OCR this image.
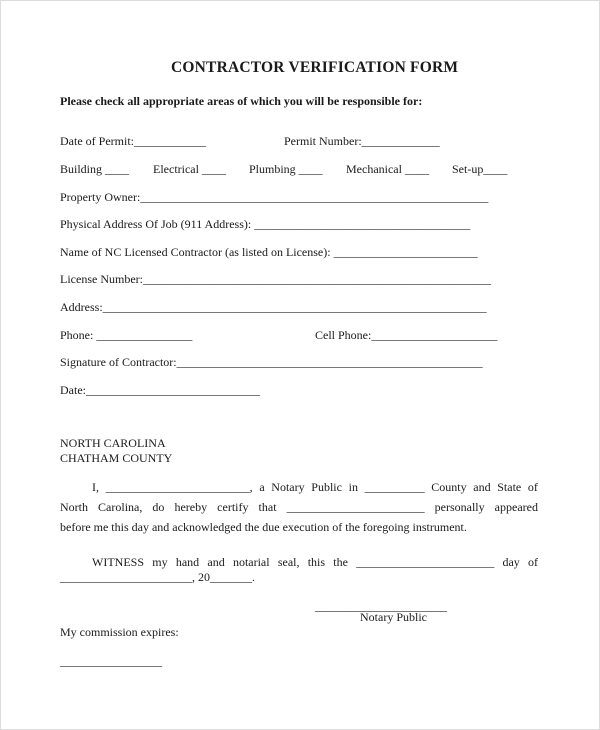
CONTRACTOR VERIFICATION FORM
Please check all appropriate areas of which you will be responsible for:
Date of Permit:____________	Permit Number:_____________
Building ____ Electrical ____ Plumbing ____ Mechanical ____ Set-up____
Property Owner:__________________________________________________________
Physical Address Of Job (911 Address): ____________________________________
Name of NC Licensed Contractor (as listed on License): ________________________
License Number:__________________________________________________________
Address:________________________________________________________________
Phone: ________________	Cell Phone:_____________________
Signature of Contractor:___________________________________________________
Date:_____________________________
NORTH CAROLINA
CHATHAM COUNTY
I, ________________________, a Notary Public in __________ County and State of
North Carolina, do hereby certify that _______________________ personally appeared
before me this day and acknowledged the due execution of the foregoing instrument.
WITNESS my hand and notarial seal, this the _______________________ day of
______________________, 20_______.
______________________
Notary Public
My commission expires:
_________________
